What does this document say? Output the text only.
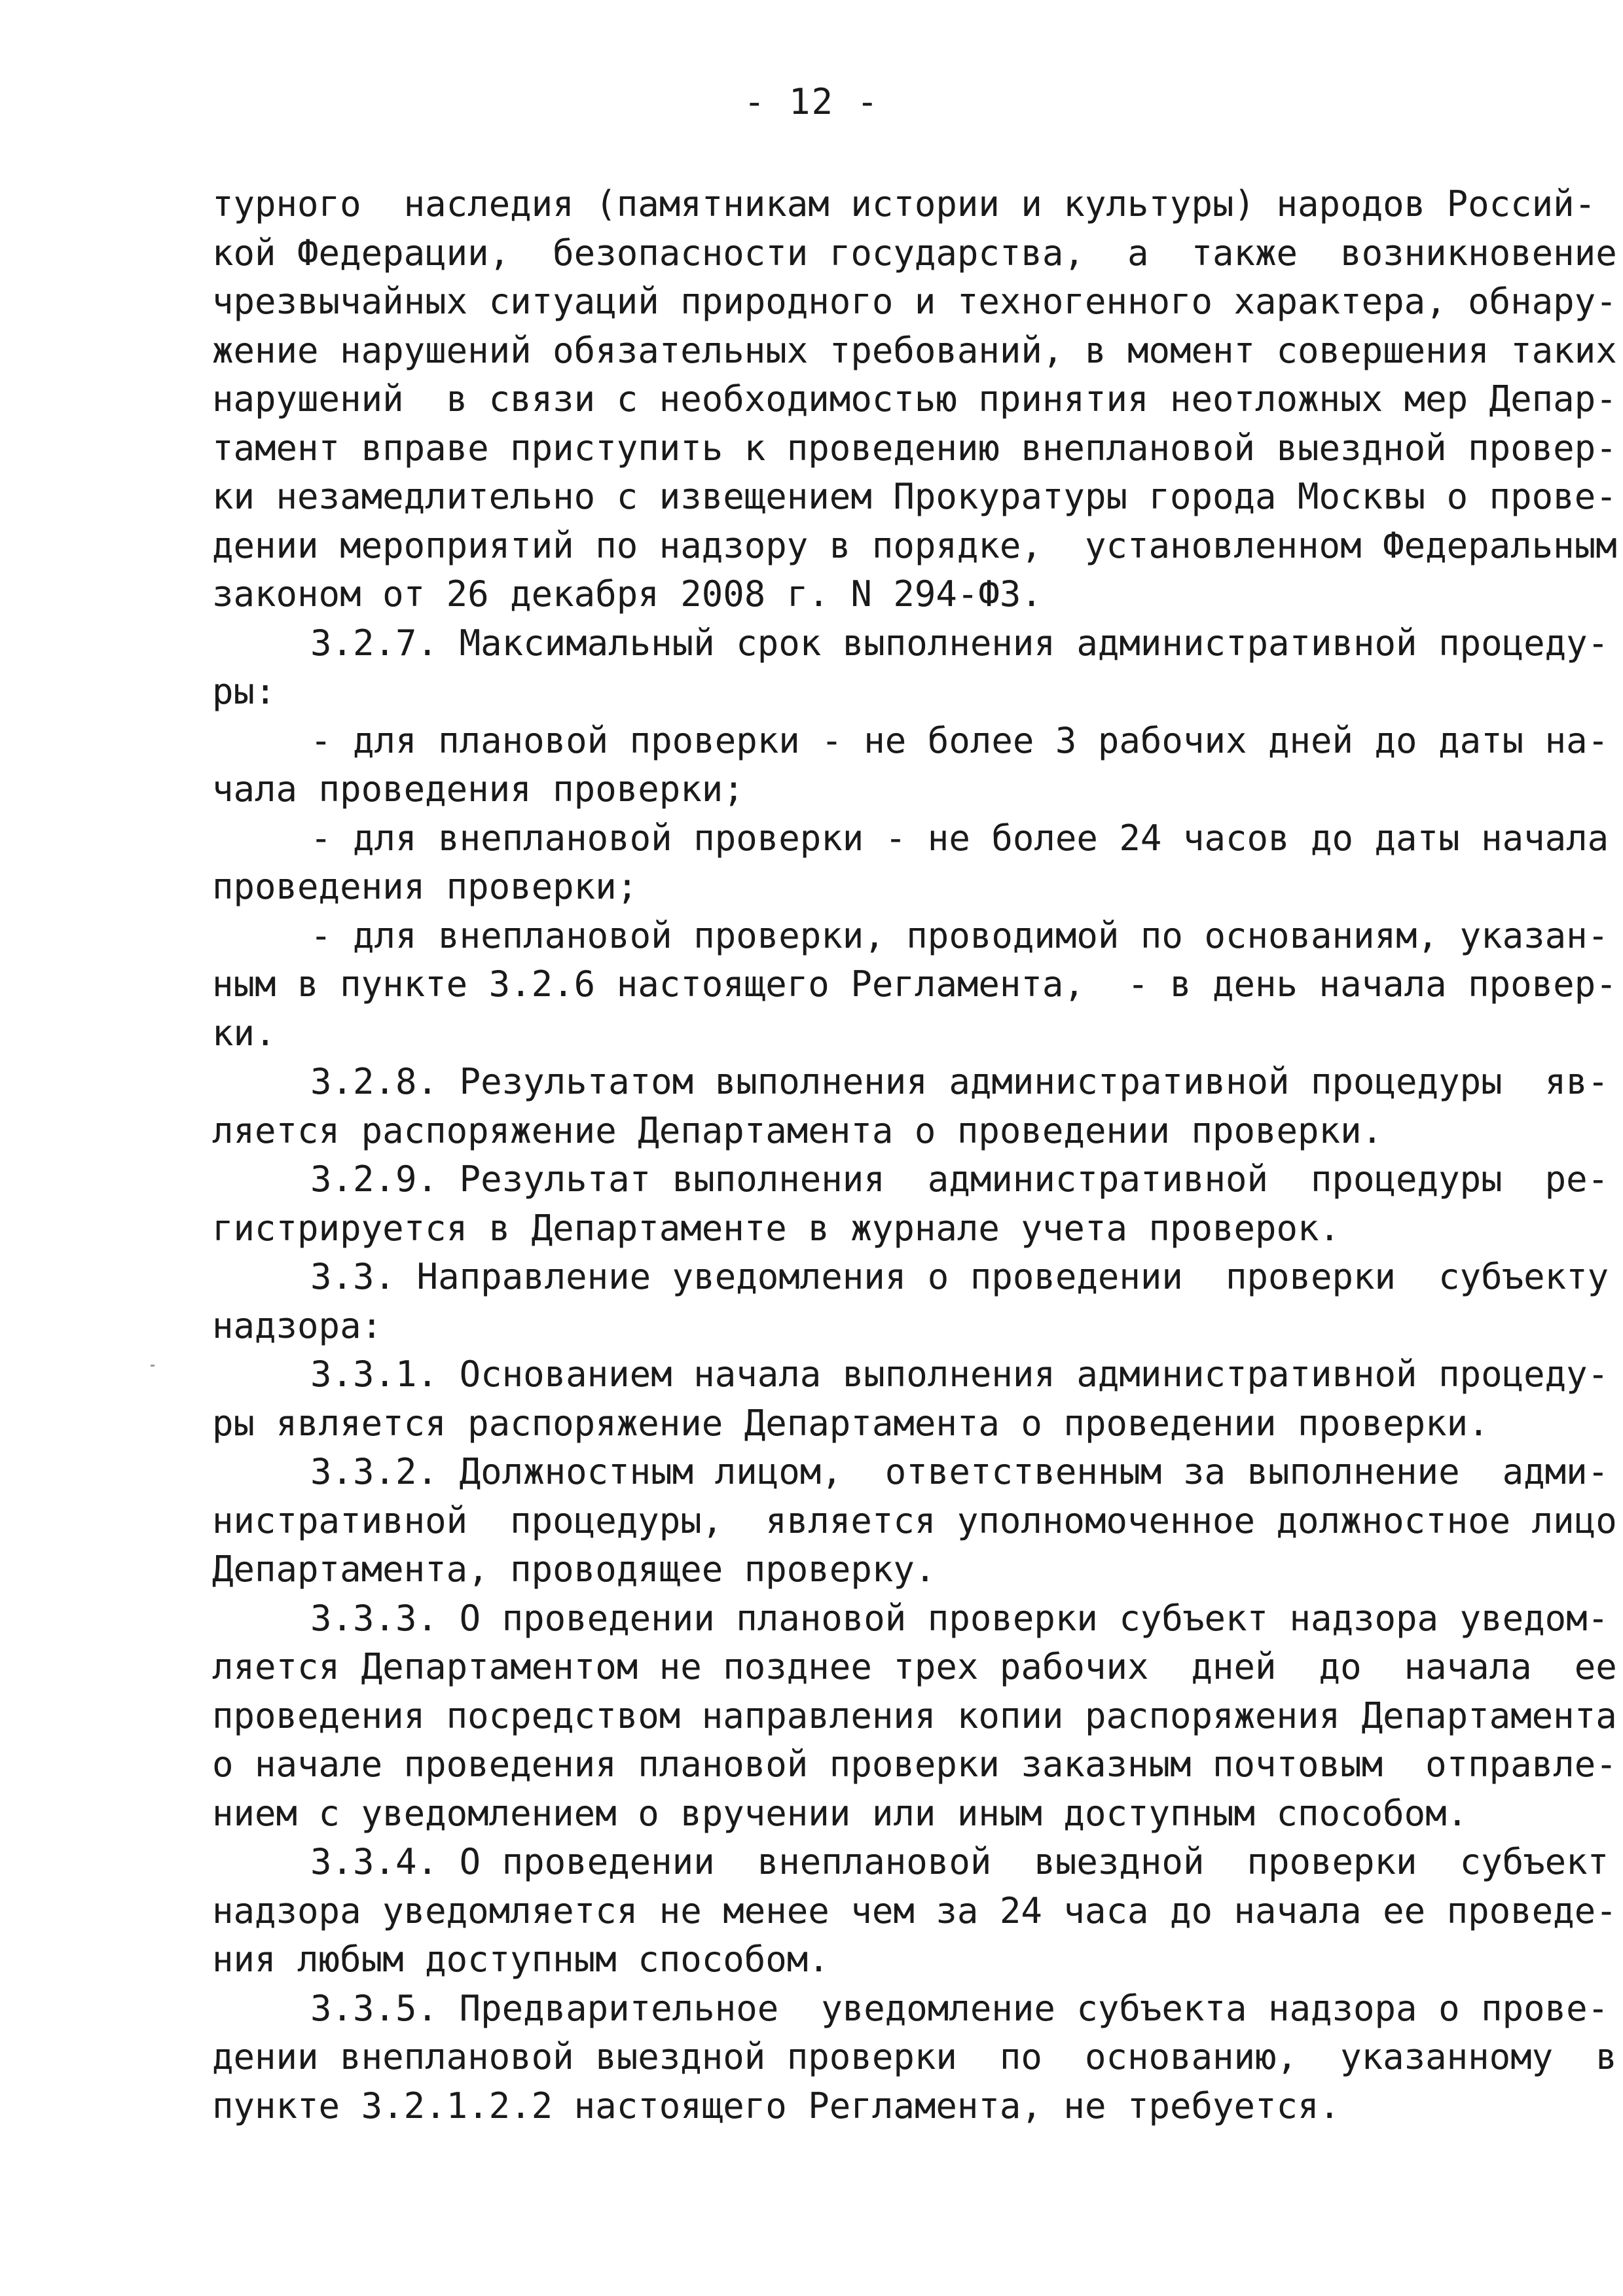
- 12 -
турного  наследия (памятникам истории и культуры) народов Россий-
кой Федерации,  безопасности государства,  а  также  возникновение
чрезвычайных ситуаций природного и техногенного характера, обнару-
жение нарушений обязательных требований, в момент совершения таких
нарушений  в связи с необходимостью принятия неотложных мер Депар-
тамент вправе приступить к проведению внеплановой выездной провер-
ки незамедлительно с извещением Прокуратуры города Москвы о прове-
дении мероприятий по надзору в порядке,  установленном Федеральным
законом от 26 декабря 2008 г. N 294-ФЗ.
3.2.7. Максимальный срок выполнения административной процеду-
ры:
- для плановой проверки - не более 3 рабочих дней до даты на-
чала проведения проверки;
- для внеплановой проверки - не более 24 часов до даты начала
проведения проверки;
- для внеплановой проверки, проводимой по основаниям, указан-
ным в пункте 3.2.6 настоящего Регламента,  - в день начала провер-
ки.
3.2.8. Результатом выполнения административной процедуры  яв-
ляется распоряжение Департамента о проведении проверки.
3.2.9. Результат выполнения  административной  процедуры  ре-
гистрируется в Департаменте в журнале учета проверок.
3.3. Направление уведомления о проведении  проверки  субъекту
надзора:
3.3.1. Основанием начала выполнения административной процеду-
ры является распоряжение Департамента о проведении проверки.
3.3.2. Должностным лицом,  ответственным за выполнение  адми-
нистративной  процедуры,  является уполномоченное должностное лицо
Департамента, проводящее проверку.
3.3.3. О проведении плановой проверки субъект надзора уведом-
ляется Департаментом не позднее трех рабочих  дней  до  начала  ее
проведения посредством направления копии распоряжения Департамента
о начале проведения плановой проверки заказным почтовым  отправле-
нием с уведомлением о вручении или иным доступным способом.
3.3.4. О проведении  внеплановой  выездной  проверки  субъект
надзора уведомляется не менее чем за 24 часа до начала ее проведе-
ния любым доступным способом.
3.3.5. Предварительное  уведомление субъекта надзора о прове-
дении внеплановой выездной проверки  по  основанию,  указанному  в
пункте 3.2.1.2.2 настоящего Регламента, не требуется.
